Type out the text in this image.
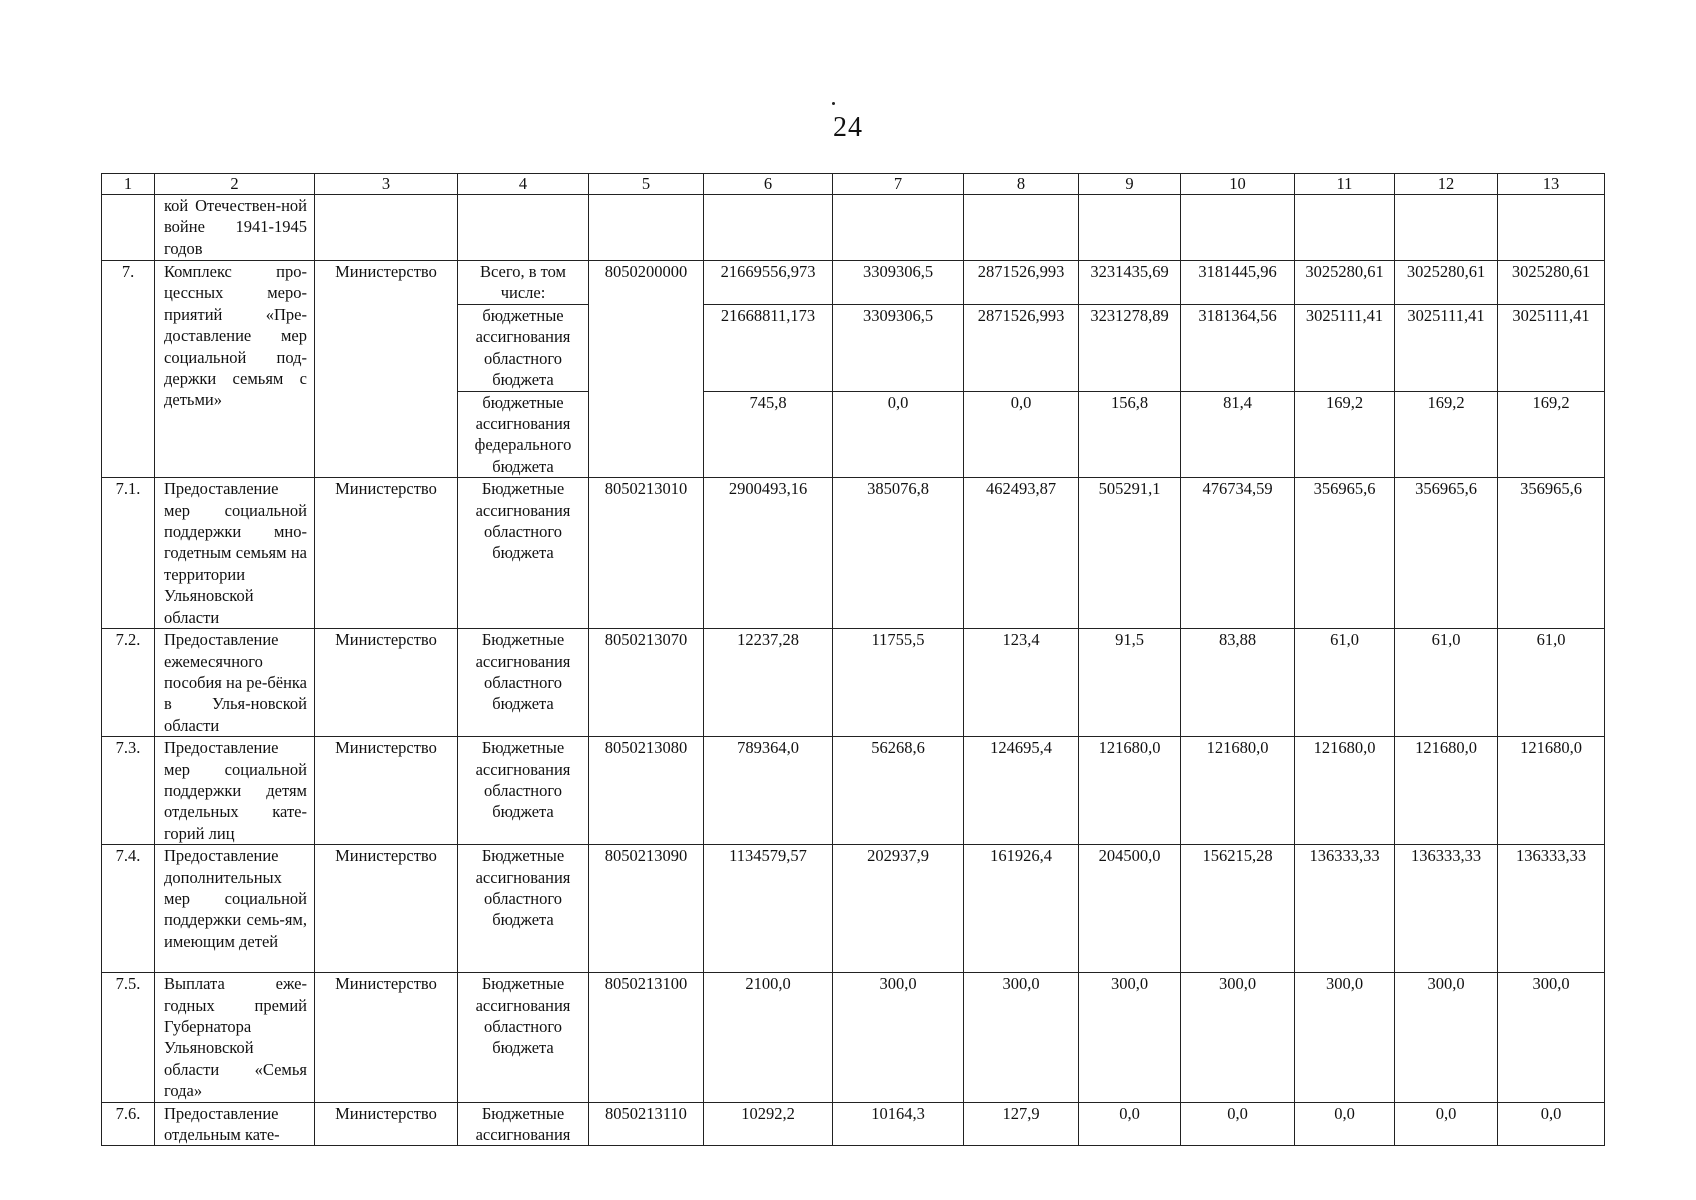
24
1	2	3	4	5	6	7	8	9	10	11	12	13
	кой Отечествен-ной войне 1941-1945 годов											
7.	Комплекс про-цессных меро-приятий «Пре-доставление мер социальной под-держки семьям с детьми»	Министерство	Всего, в том числе:	8050200000	21669556,973	3309306,5	2871526,993	3231435,69	3181445,96	3025280,61	3025280,61	3025280,61
			бюджетные ассигнования областного бюджета		21668811,173	3309306,5	2871526,993	3231278,89	3181364,56	3025111,41	3025111,41	3025111,41
			бюджетные ассигнования федерального бюджета		745,8	0,0	0,0	156,8	81,4	169,2	169,2	169,2
7.1.	Предоставление мер социальной поддержки мно-годетным семьям на территории Ульяновской области	Министерство	Бюджетные ассигнования областного бюджета	8050213010	2900493,16	385076,8	462493,87	505291,1	476734,59	356965,6	356965,6	356965,6
7.2.	Предоставление ежемесячного пособия на ре-бёнка в Улья-новской области	Министерство	Бюджетные ассигнования областного бюджета	8050213070	12237,28	11755,5	123,4	91,5	83,88	61,0	61,0	61,0
7.3.	Предоставление мер социальной поддержки детям отдельных кате-горий лиц	Министерство	Бюджетные ассигнования областного бюджета	8050213080	789364,0	56268,6	124695,4	121680,0	121680,0	121680,0	121680,0	121680,0
7.4.	Предоставление дополнительных мер социальной поддержки семь-ям, имеющим детей	Министерство	Бюджетные ассигнования областного бюджета	8050213090	1134579,57	202937,9	161926,4	204500,0	156215,28	136333,33	136333,33	136333,33
7.5.	Выплата еже-годных премий Губернатора Ульяновской области «Семья года»	Министерство	Бюджетные ассигнования областного бюджета	8050213100	2100,0	300,0	300,0	300,0	300,0	300,0	300,0	300,0
7.6.	Предоставление отдельным кате-	Министерство	Бюджетные ассигнования	8050213110	10292,2	10164,3	127,9	0,0	0,0	0,0	0,0	0,0
